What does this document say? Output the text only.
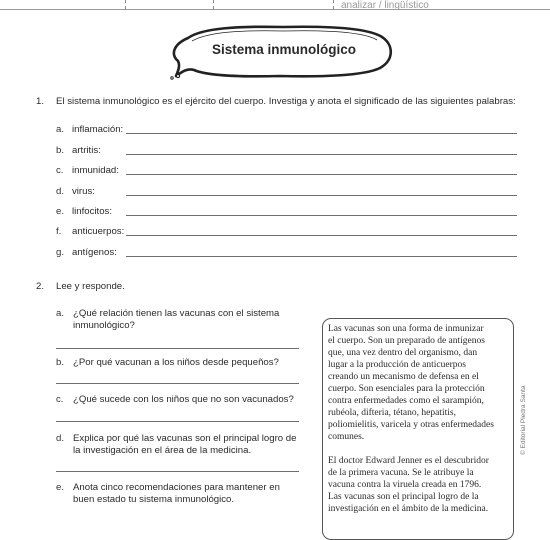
analizar / lingüístico
Sistema inmunológico
1. El sistema inmunológico es el ejército del cuerpo. Investiga y anota el significado de las siguientes palabras:
a. inflamación:
b. artritis:
c. inmunidad:
d. virus:
e. linfocitos:
f. anticuerpos:
g. antígenos:
2. Lee y responde.
a. ¿Qué relación tienen las vacunas con el sistema
inmunológico?
b. ¿Por qué vacunan a los niños desde pequeños?
c. ¿Qué sucede con los niños que no son vacunados?
d. Explica por qué las vacunas son el principal logro de
la investigación en el área de la medicina.
e. Anota cinco recomendaciones para mantener en
buen estado tu sistema inmunológico.
Las vacunas son una forma de inmunizar
el cuerpo. Son un preparado de antígenos
que, una vez dentro del organismo, dan
lugar a la producción de anticuerpos
creando un mecanismo de defensa en el
cuerpo. Son esenciales para la protección
contra enfermedades como el sarampión,
rubéola, difteria, tétano, hepatitis,
poliomielitis, varicela y otras enfermedades
comunes.
El doctor Edward Jenner es el descubridor
de la primera vacuna. Se le atribuye la
vacuna contra la viruela creada en 1796.
Las vacunas son el principal logro de la
investigación en el ámbito de la medicina.
© Editorial Piedra Santa
